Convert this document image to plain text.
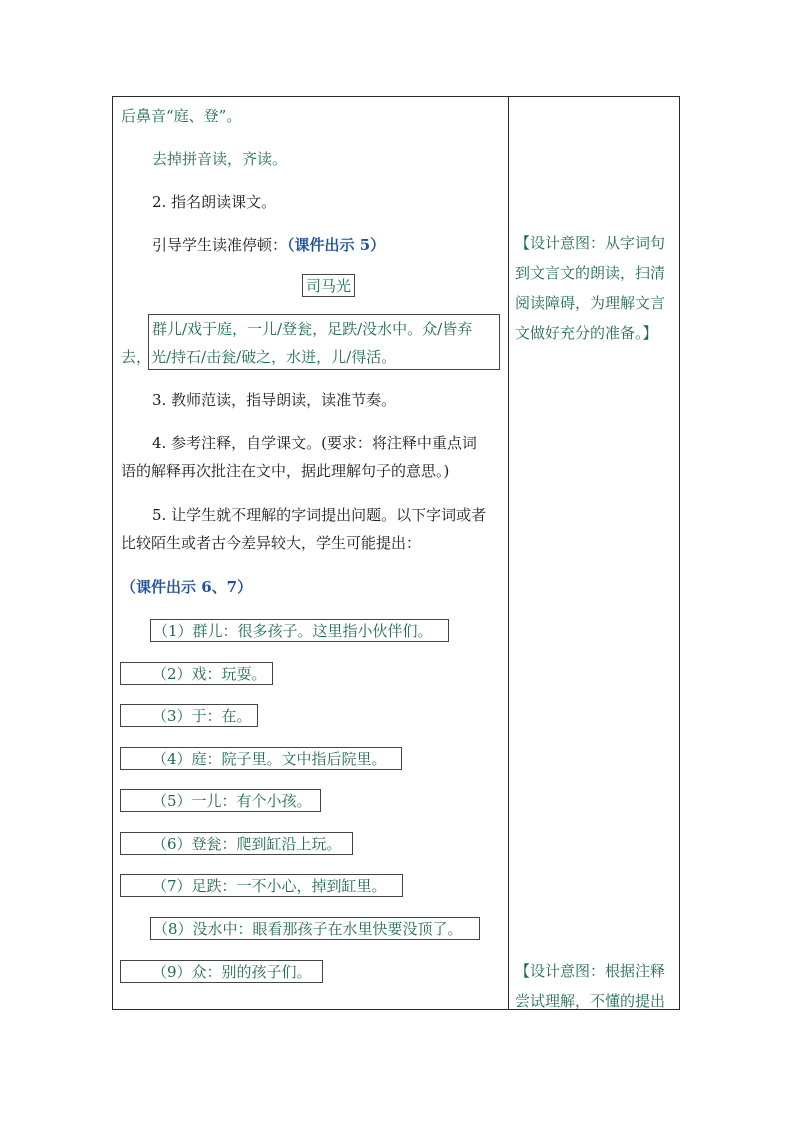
后鼻音“庭、登”。
去掉拼音读，齐读。
2. 指名朗读课文。
引导学生读准停顿：（课件出示 5）
司马光
群儿/戏于庭，一儿/登瓮，足跌/没水中。众/皆弃
去，光/持石/击瓮/破之，水迸，儿/得活。
3. 教师范读，指导朗读，读准节奏。
4. 参考注释，自学课文。(要求：将注释中重点词
语的解释再次批注在文中，据此理解句子的意思。)
5. 让学生就不理解的字词提出问题。以下字词或者
比较陌生或者古今差异较大，学生可能提出：
（课件出示 6、7）
（1）群儿：很多孩子。这里指小伙伴们。
（2）戏：玩耍。
（3）于：在。
（4）庭：院子里。文中指后院里。
（5）一儿：有个小孩。
（6）登瓮：爬到缸沿上玩。
（7）足跌：一不小心，掉到缸里。
（8）没水中：眼看那孩子在水里快要没顶了。
（9）众：别的孩子们。
【设计意图：从字词句
到文言文的朗读，扫清
阅读障碍，为理解文言
文做好充分的准备。】
【设计意图：根据注释
尝试理解，不懂的提出
